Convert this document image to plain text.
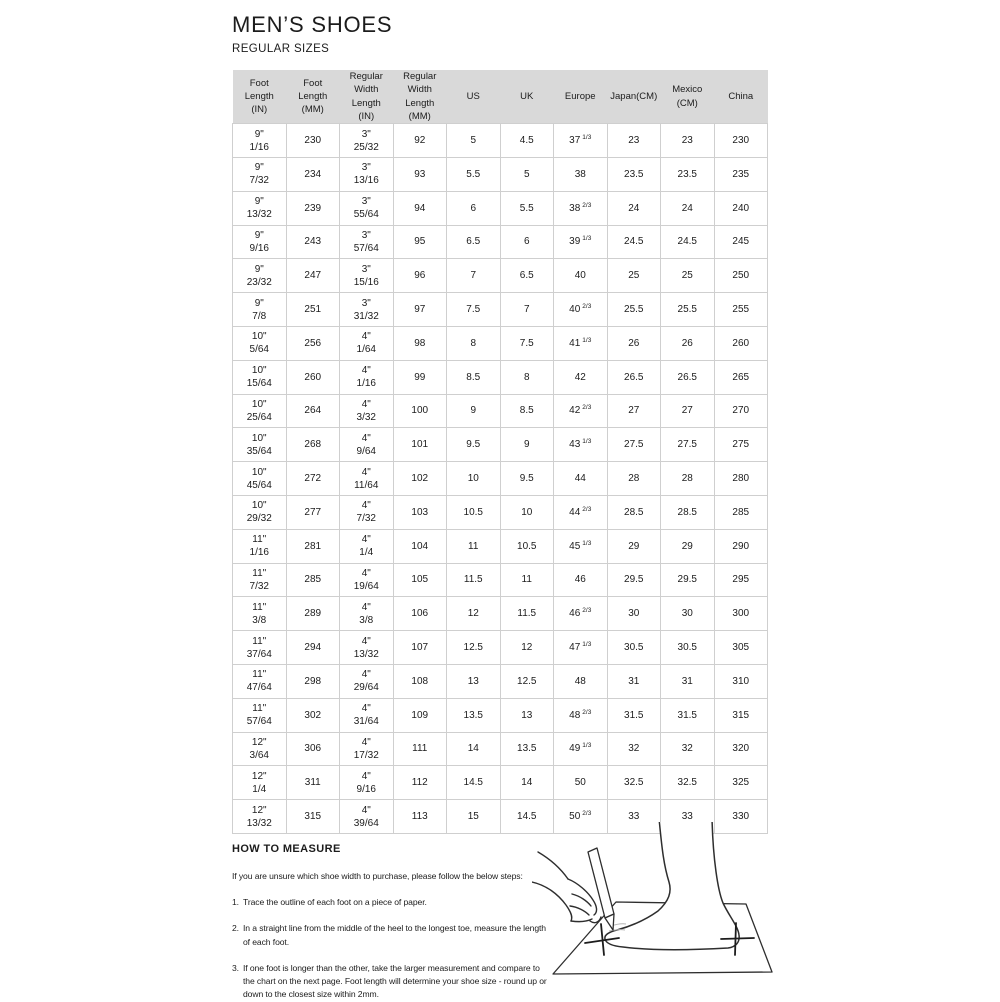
MEN’S SHOES
REGULAR SIZES
Foot Length (IN)	Foot Length (MM)	Regular Width Length (IN)	Regular Width Length (MM)	US	UK	Europe	Japan(CM)	Mexico (CM)	China

9"
1/16
	230	
3"
25/32
	92	5	4.5	37 $^{1/3}$	23	23	230

9"
7/32
	234	
3"
13/16
	93	5.5	5	38	23.5	23.5	235

9"
13/32
	239	
3"
55/64
	94	6	5.5	38 $^{2/3}$	24	24	240

9"
9/16
	243	
3"
57/64
	95	6.5	6	39 $^{1/3}$	24.5	24.5	245

9"
23/32
	247	
3"
15/16
	96	7	6.5	40	25	25	250

9"
7/8
	251	
3"
31/32
	97	7.5	7	40 $^{2/3}$	25.5	25.5	255

10"
5/64
	256	
4"
1/64
	98	8	7.5	41 $^{1/3}$	26	26	260

10"
15/64
	260	
4"
1/16
	99	8.5	8	42	26.5	26.5	265

10"
25/64
	264	
4"
3/32
	100	9	8.5	42 $^{2/3}$	27	27	270

10"
35/64
	268	
4"
9/64
	101	9.5	9	43 $^{1/3}$	27.5	27.5	275

10"
45/64
	272	
4"
11/64
	102	10	9.5	44	28	28	280

10"
29/32
	277	
4"
7/32
	103	10.5	10	44 $^{2/3}$	28.5	28.5	285

11"
1/16
	281	
4"
1/4
	104	11	10.5	45 $^{1/3}$	29	29	290

11"
7/32
	285	
4"
19/64
	105	11.5	11	46	29.5	29.5	295

11"
3/8
	289	
4"
3/8
	106	12	11.5	46 $^{2/3}$	30	30	300

11"
37/64
	294	
4"
13/32
	107	12.5	12	47 $^{1/3}$	30.5	30.5	305

11"
47/64
	298	
4"
29/64
	108	13	12.5	48	31	31	310

11"
57/64
	302	
4"
31/64
	109	13.5	13	48 $^{2/3}$	31.5	31.5	315

12"
3/64
	306	
4"
17/32
	111	14	13.5	49 $^{1/3}$	32	32	320

12"
1/4
	311	
4"
9/16
	112	14.5	14	50	32.5	32.5	325

12"
13/32
	315	
4"
39/64
	113	15	14.5	50 $^{2/3}$	33	33	330
HOW TO MEASURE

If you are unsure which shoe width to purchase, please follow the below steps:

1. Trace the outline of each foot on a piece of paper.
2. In a straight line from the middle of the heel to the longest toe, measure the length of each foot.
3. If one foot is longer than the other, take the larger measurement and compare to the chart on the next page. Foot length will determine your shoe size - round up or down to the closest size within 2mm.
